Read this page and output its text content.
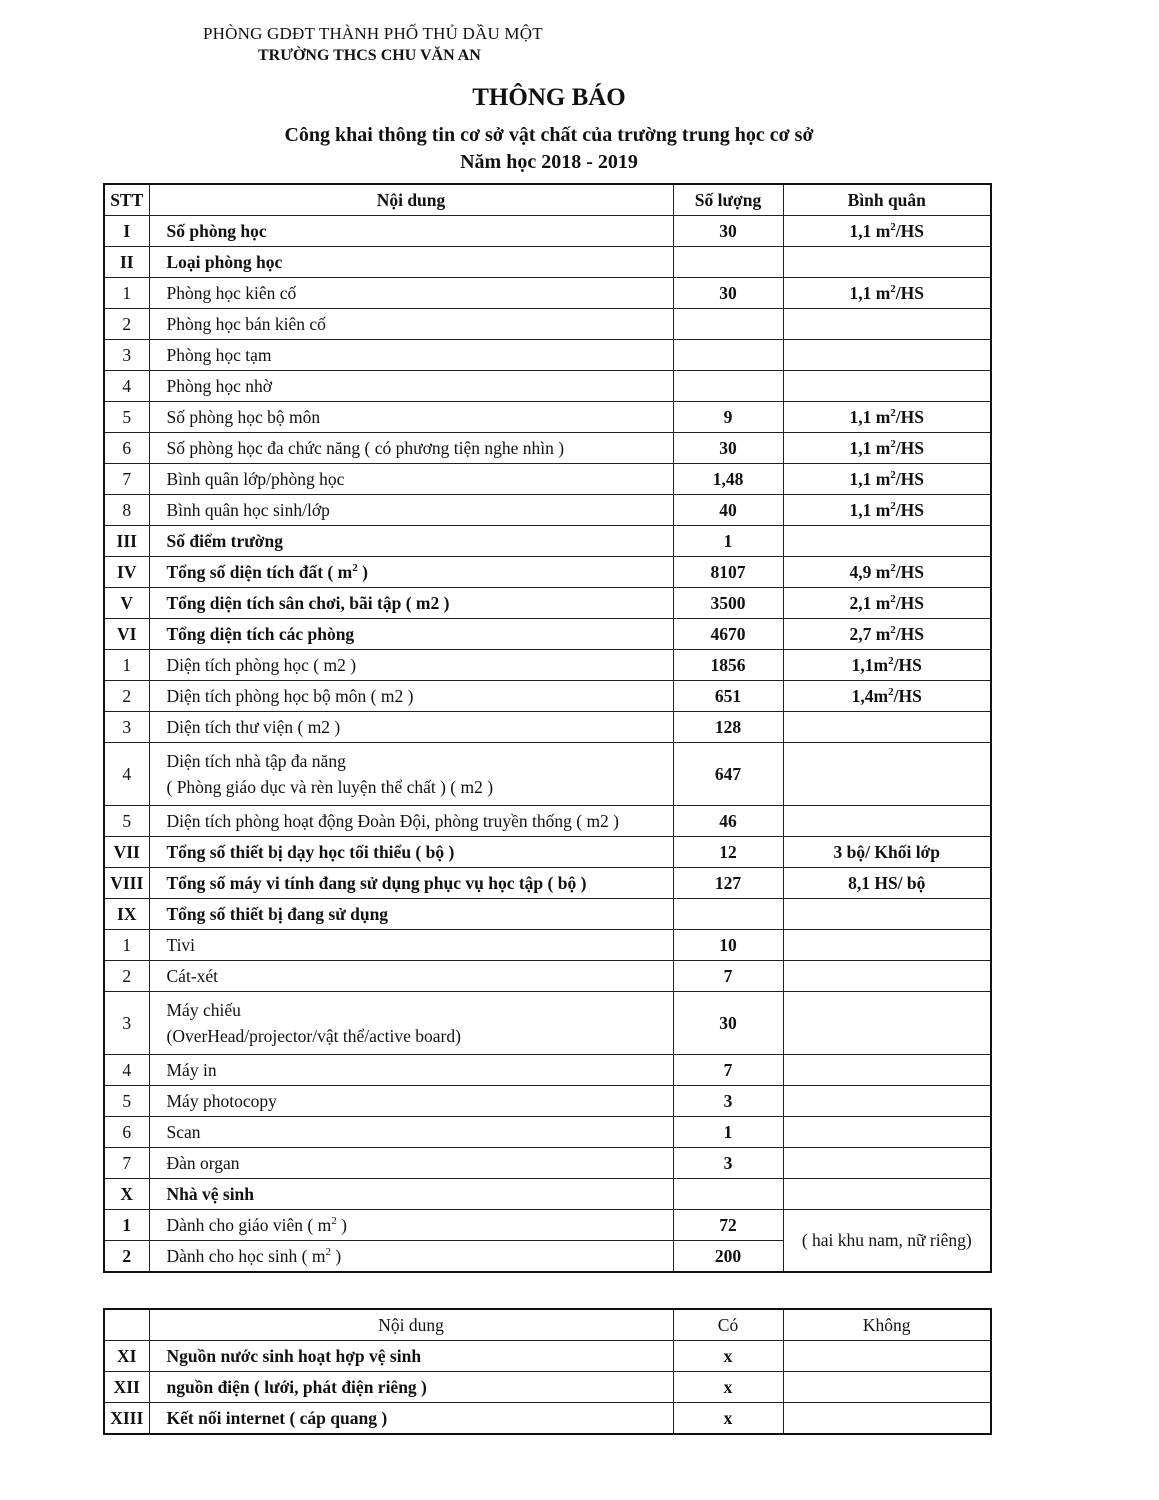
PHÒNG GDĐT THÀNH PHỐ THỦ DẦU MỘT
TRƯỜNG THCS CHU VĂN AN
THÔNG BÁO
Công khai thông tin cơ sở vật chất của trường trung học cơ sở
Năm học 2018 - 2019
STT	Nội dung	Số lượng	Bình quân
I	Số phòng học	30	1,1 $m^2/HS$
II	Loại phòng học		
1	Phòng học kiên cố	30	1,1 $m^2/HS$
2	Phòng học bán kiên cố		
3	Phòng học tạm		
4	Phòng học nhờ		
5	Số phòng học bộ môn	9	1,1 $m^2/HS$
6	Số phòng học đa chức năng ( có phương tiện nghe nhìn )	30	1,1 $m^2/HS$
7	Bình quân lớp/phòng học	1,48	1,1 $m^2/HS$
8	Bình quân học sinh/lớp	40	1,1 $m^2/HS$
III	Số điểm trường	1	
IV	Tổng số diện tích đất ( $m^2$ )	8107	4,9 $m^2/HS$
V	Tổng diện tích sân chơi, bãi tập ( m2 )	3500	2,1 $m^2/HS$
VI	Tổng diện tích các phòng	4670	2,7 $m^2/HS$
1	Diện tích phòng học ( m2 )	1856	$1,1m^2/HS$
2	Diện tích phòng học bộ môn ( m2 )	651	$1,4m^2/HS$
3	Diện tích thư viện ( m2 )	128	
4	Diện tích nhà tập đa năng
( Phòng giáo dục và rèn luyện thể chất ) ( m2 )	647	
5	Diện tích phòng hoạt động Đoàn Đội, phòng truyền thống ( m2 )	46	
VII	Tổng số thiết bị dạy học tối thiểu ( bộ )	12	3 bộ/ Khối lớp
VIII	Tổng số máy vi tính đang sử dụng phục vụ học tập ( bộ )	127	8,1 HS/ bộ
IX	Tổng số thiết bị đang sử dụng		
1	Tivi	10	
2	Cát-xét	7	
3	Máy chiếu
(OverHead/projector/vật thể/active board)	30	
4	Máy in	7	
5	Máy photocopy	3	
6	Scan	1	
7	Đàn organ	3	
X	Nhà vệ sinh		
1	Dành cho giáo viên ( $m^2$ )	72	( hai khu nam, nữ riêng)
2	Dành cho học sinh ( $m^2$ )	200	
	Nội dung	Có	Không
XI	Nguồn nước sinh hoạt hợp vệ sinh	x	
XII	nguồn điện ( lưới, phát điện riêng )	x	
XIII	Kết nối internet ( cáp quang )	x	
